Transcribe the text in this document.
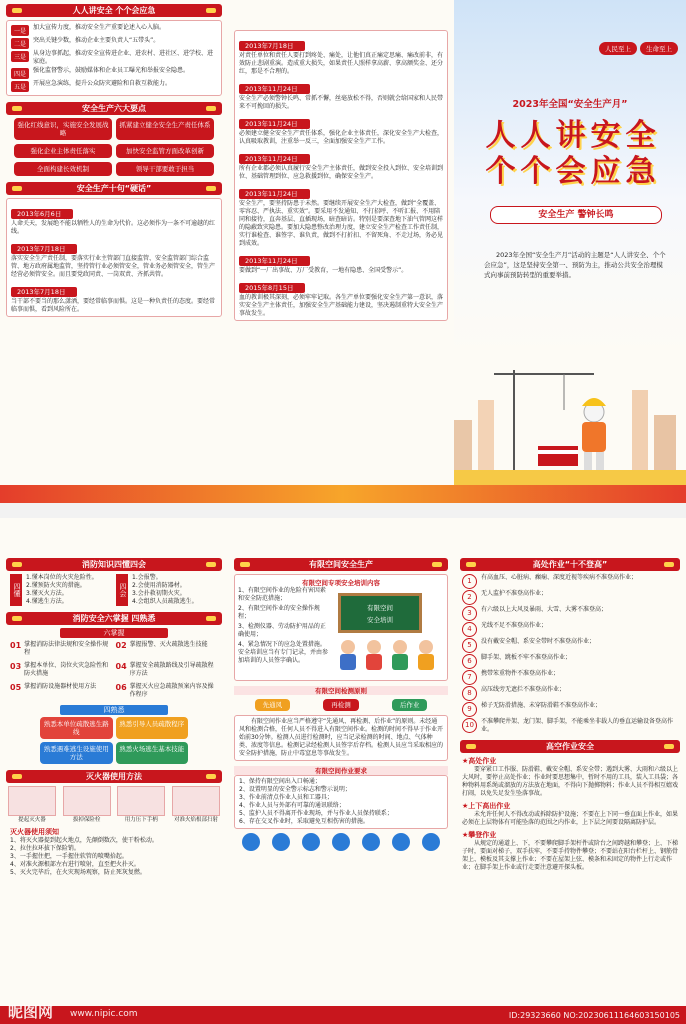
人人讲安全 个个会应急
一是
加大宣传力度，推动安全生产重要论述入心入脑。
二是
突出关键少数，推动企业主要负责人“五带头”。
三是
从身边事抓起，推动安全宣传进企业、进农村、进社区、进学校、进家庭。
四是
强化监督警示，鼓励媒体和企业员工曝光和举报安全隐患。
五是
开展应急演练，提升公众防灾避险和自救互救能力。
安全生产六大要点
强化红线意识，实施安全发展战略
抓紧建立健全安全生产责任体系
强化企业主体责任落实	加快安全监管方面改革创新
全面构建长效机制	领导干部要敢于担当
安全生产十句“硬话”
2013年6月6日
人命关天，发展绝不能以牺牲人的生命为代价。这必须作为一条不可逾越的红线。
2013年7月18日
落实安全生产责任制，要落实行业主管部门直接监管、安全监管部门综合监管、地方政府属地监管，坚持管行业必须管安全，管业务必须管安全，管生产经营必须管安全。而且要党政同责、一岗双责、齐抓共管。
2013年7月18日
当干部不要当的那么潇洒，要经常临事而惧。这是一种负责任的态度。要经常临事而惧，看到风险所在。
2013年7月18日
对责任单位和责任人要打到疼处、痛处，让他们真正痛定思痛、痛改前非，有效防止悲剧重演。造成重大损失，如果责任人照样拿高薪、拿高额奖金、还分红，那是不合理的。
2013年11月24日
安全生产必须警钟长鸣、常抓不懈，丝毫放松不得，否则就会给国家和人民带来不可挽回的损失。
2013年11月24日
必须建立健全安全生产责任体系，强化企业主体责任，深化安全生产大检查，认真吸取教训，注重举一反三，全面加强安全生产工作。
2013年11月24日
所有企业都必须认真履行安全生产主体责任，做到安全投入到位、安全培训到位、基础管理到位、应急救援到位，确保安全生产。
2013年11月24日
安全生产，要坚持防患于未然。要继续开展安全生产大检查，做到“全覆盖、零容忍、严执法、重实效”。要采用不发通知、不打招呼、不听汇报、不用陪同和接待，直奔基层、直插现场，暗查暗访。特别是要深查地下油气管网这样的隐蔽致灾隐患。要加大隐患整改治理力度，建立安全生产检查工作责任制，实行谁检查、谁签字、谁负责，做到不打折扣、不留死角、不走过场，务必见到成效。
2013年11月24日
要做到“一厂出事故、万厂受教育，一地有隐患、全国受警示”。
2015年8月15日
血的教训极其深刻，必须牢牢记取。各生产单位要强化安全生产第一意识，落实安全生产主体责任，加强安全生产基础能力建设，坚决遏制重特大安全生产事故发生。
人民至上	生命至上
2023年全国“安全生产月”
人人讲安全
个个会应急
安全生产 警钟长鸣
2023年全国“安全生产月”活动的主题是“人人讲安全、个个会应急”，这是坚持安全第一、预防为主，推动公共安全治理模式向事前预防转型的重要举措。
消防知识四懂四会
四懂
1.懂本岗位的火灾危险性。
2.懂预防火灾的措施。
3.懂灭火方法。
4.懂逃生方法。
四会
1.会报警。
2.会使用消防器材。
3.会扑救初期火灾。
4.会组织人员疏散逃生。
消防安全六掌握 四熟悉
六掌握
01 掌握消防法律法规和安全操作规程
02 掌握报警、灭火疏散逃生技能
03 掌握本单位、岗位火灾急险性和防火措施
04 掌握安全疏散路线及引导疏散程序方法
05 掌握消防设施器材使用方法 06 掌握灭火应急疏散预案内容及操作程序
四熟悉
熟悉本单位疏散逃生路线
熟悉引导人员疏散程序
熟悉遇难逃生设施使用方法
熟悉火场逃生基本技能
灭火器使用方法
提起灭火器	拔掉保险栓	用力压下手柄	对准火焰根部扫射
灭火器使用须知
1、将灭火器提到起火地点，先颠倒数次，使干粉松动。
2、拉住拉环拔下保险销。
3、一手握住把，一手握住软管的喷嘴拾起。
4、对准火源根部左右进行喷射，直至把火扑灭。
5、灭火完毕后，在火灾现场观察，防止死灰复燃。
有限空间安全生产
有限空间专项安全培训内容
1、有限空间作业的危险有害因素和安全防范措施；
2、有限空间作业的安全操作规程；
3、检测仪器、劳动防护用品的正确使用；
4、紧急情况下的应急处置措施。安全培训应当有专门记录，并由参加培训的人员签字确认。
有限空间
安全培训
有限空间检测原则
先通风	再检测	后作业
有限空间作业应当严格遵守“先通风、再检测、后作业”的原则。未经通风和检测合格，任何人员不得进入有限空间作业。检测的时间不得早于作业开始前30分钟。检测人员进行检测时，应当记录检测的时间、地点、气体种类、浓度等信息。检测记录经检测人员签字后存档。检测人员应当采取相应的安全防护措施，防止中毒窒息等事故发生。
有限空间作业要求
1、保持有限空间出入口畅通；
2、设置明显的安全警示标志和警示说明；
3、作业前清点作业人员和工器具；
4、作业人员与外部有可靠的通讯联络；
5、监护人员不得离开作业现场，并与作业人员保持联系；
6、存在交叉作业时，采取避免互相伤害的措施。
高处作业“十不登高”
1	有高血压、心脏病、癫痫、深度近视等疾病不准登高作业；
2	无人监护不准登高作业；
3	有六级以上大风及暴雨、大雪、大雾不准登高；
4	光线不足不准登高作业；
5	没有戴安全帽、系安全带时不准登高作业；
6	脚手架、跳板不牢不准登高作业；
7	携带笨重物件不准登高作业；
8	高压线旁无遮拦不准登高作业；
9	梯子无防滑措施、未穿防滑鞋不准登高作业；
10	不准攀爬井架、龙门架、脚手架，不能乘坐非载人的垂直运输设备登高作业。
高空作业安全
★高处作业
要穿紧口工作服、防滑鞋、戴安全帽、系安全带；遇到大雾、大雨和六级以上大风时，要停止高处作业；作业时要思想集中，暂时不用的工具，装入工具袋；各种物料用系绳或溜放的方法放在地面，不得向下抛掷物料；作业人员不得相互嬉戏打闹，以免失足发生坠落事故。
★上下高出作业
未允许任何人不得改动或拆除防护设施；不要在上下同一垂直面上作业，如果必须在上层物体有可能坠落的范围之内作业，上下层之间要设隔离防护层。
★攀登作业
从规定的通道上、下，不要攀爬脚手架杆件或阶台之间跨越和攀登；上、下梯子时，要面对梯子，双手扶牢，不要手持物件攀登；不要站在阳台栏杆上、钢筋骨架上、模板及其支撑上作业；不要在屋架上弦、模条和未固定的物件上行走或作业；在脚手架上作业或行走要注意避开探头板。
昵图网 www.nipic.com	ID:29323660 NO:20230611164603150105
